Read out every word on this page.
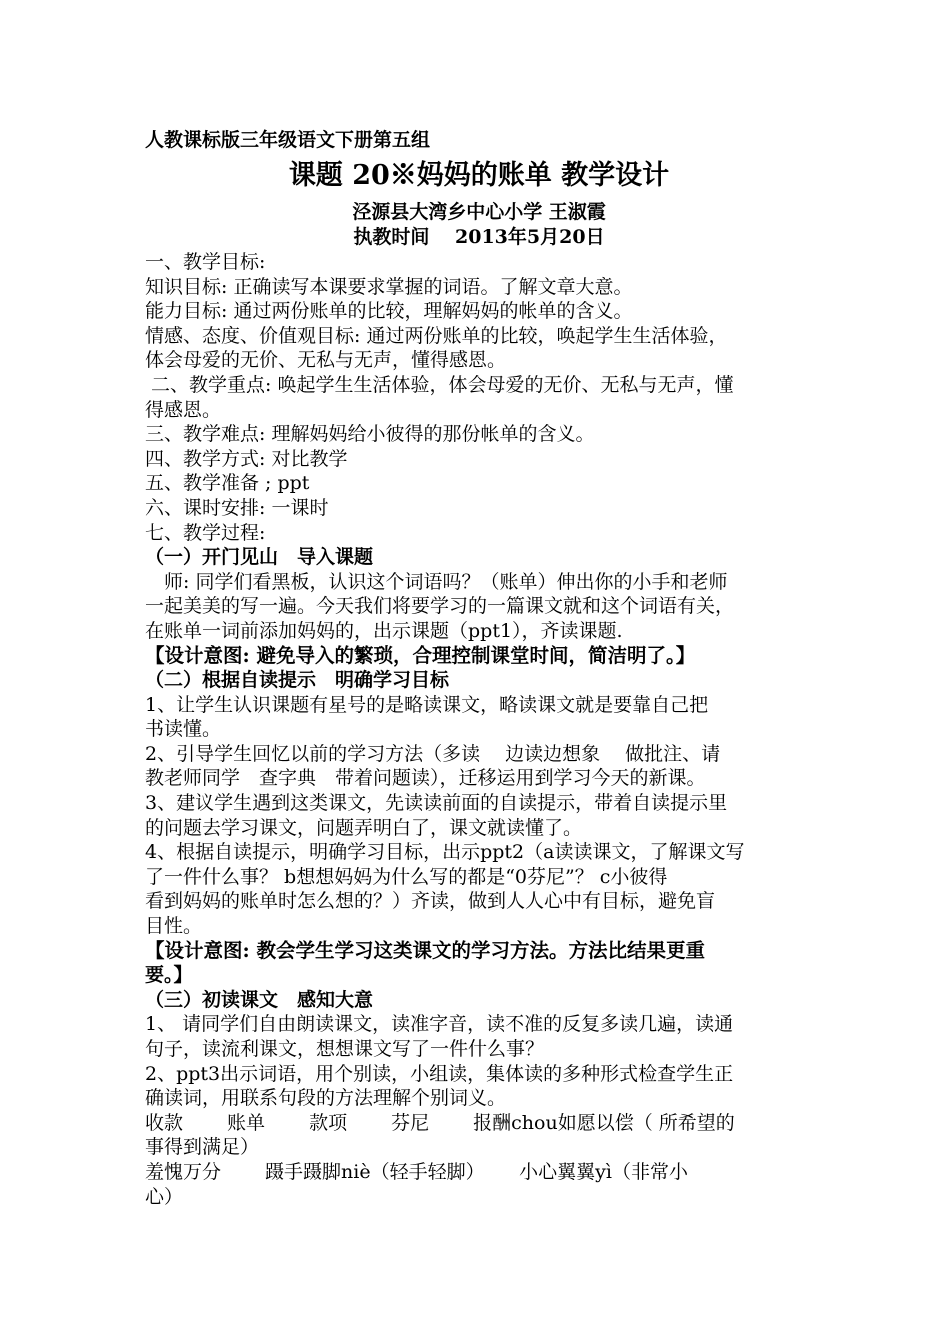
人教课标版三年级语文下册第五组
课题 20※妈妈的账单 教学设计
泾源县大湾乡中心小学 王淑霞
执教时间　 2013年5月20日
一、教学目标:
知识目标: 正确读写本课要求掌握的词语。了解文章大意。
能力目标: 通过两份账单的比较，理解妈妈的帐单的含义。
情感、态度、价值观目标: 通过两份账单的比较，唤起学生生活体验，
体会母爱的无价、无私与无声，懂得感恩。
二、教学重点: 唤起学生生活体验，体会母爱的无价、无私与无声，懂
得感恩。
三、教学难点: 理解妈妈给小彼得的那份帐单的含义。
四、教学方式: 对比教学
五、教学准备 ; ppt
六、课时安排: 一课时
七、教学过程:
（一）开门见山　导入课题
　师: 同学们看黑板，认识这个词语吗？（账单）伸出你的小手和老师
一起美美的写一遍。今天我们将要学习的一篇课文就和这个词语有关，
在账单一词前添加妈妈的，出示课题（ppt1），齐读课题.
【设计意图: 避免导入的繁琐，合理控制课堂时间，简洁明了。】
（二）根据自读提示　明确学习目标
1、让学生认识课题有星号的是略读课文，略读课文就是要靠自己把
书读懂。
2、引导学生回忆以前的学习方法（多读　 边读边想象　 做批注、请
教老师同学　查字典　带着问题读），迁移运用到学习今天的新课。
3、建议学生遇到这类课文，先读读前面的自读提示，带着自读提示里
的问题去学习课文，问题弄明白了，课文就读懂了。
4、根据自读提示，明确学习目标，出示ppt2（a读读课文，了解课文写
了一件什么事？ b想想妈妈为什么写的都是“0芬尼”？ c小彼得
看到妈妈的账单时怎么想的？）齐读，做到人人心中有目标，避免盲
目性。
【设计意图: 教会学生学习这类课文的学习方法。方法比结果更重
要。】
（三）初读课文　感知大意
1、 请同学们自由朗读课文，读准字音，读不准的反复多读几遍，读通
句子，读流利课文，想想课文写了一件什么事？
2、ppt3出示词语，用个别读，小组读，集体读的多种形式检查学生正
确读词，用联系句段的方法理解个别词义。
收款　　 账单　　 款项　　 芬尼　　 报酬chou如愿以偿（ 所希望的
事得到满足）
羞愧万分　　 蹑手蹑脚niè（轻手轻脚）　　 小心翼翼yì（非常小
心）
